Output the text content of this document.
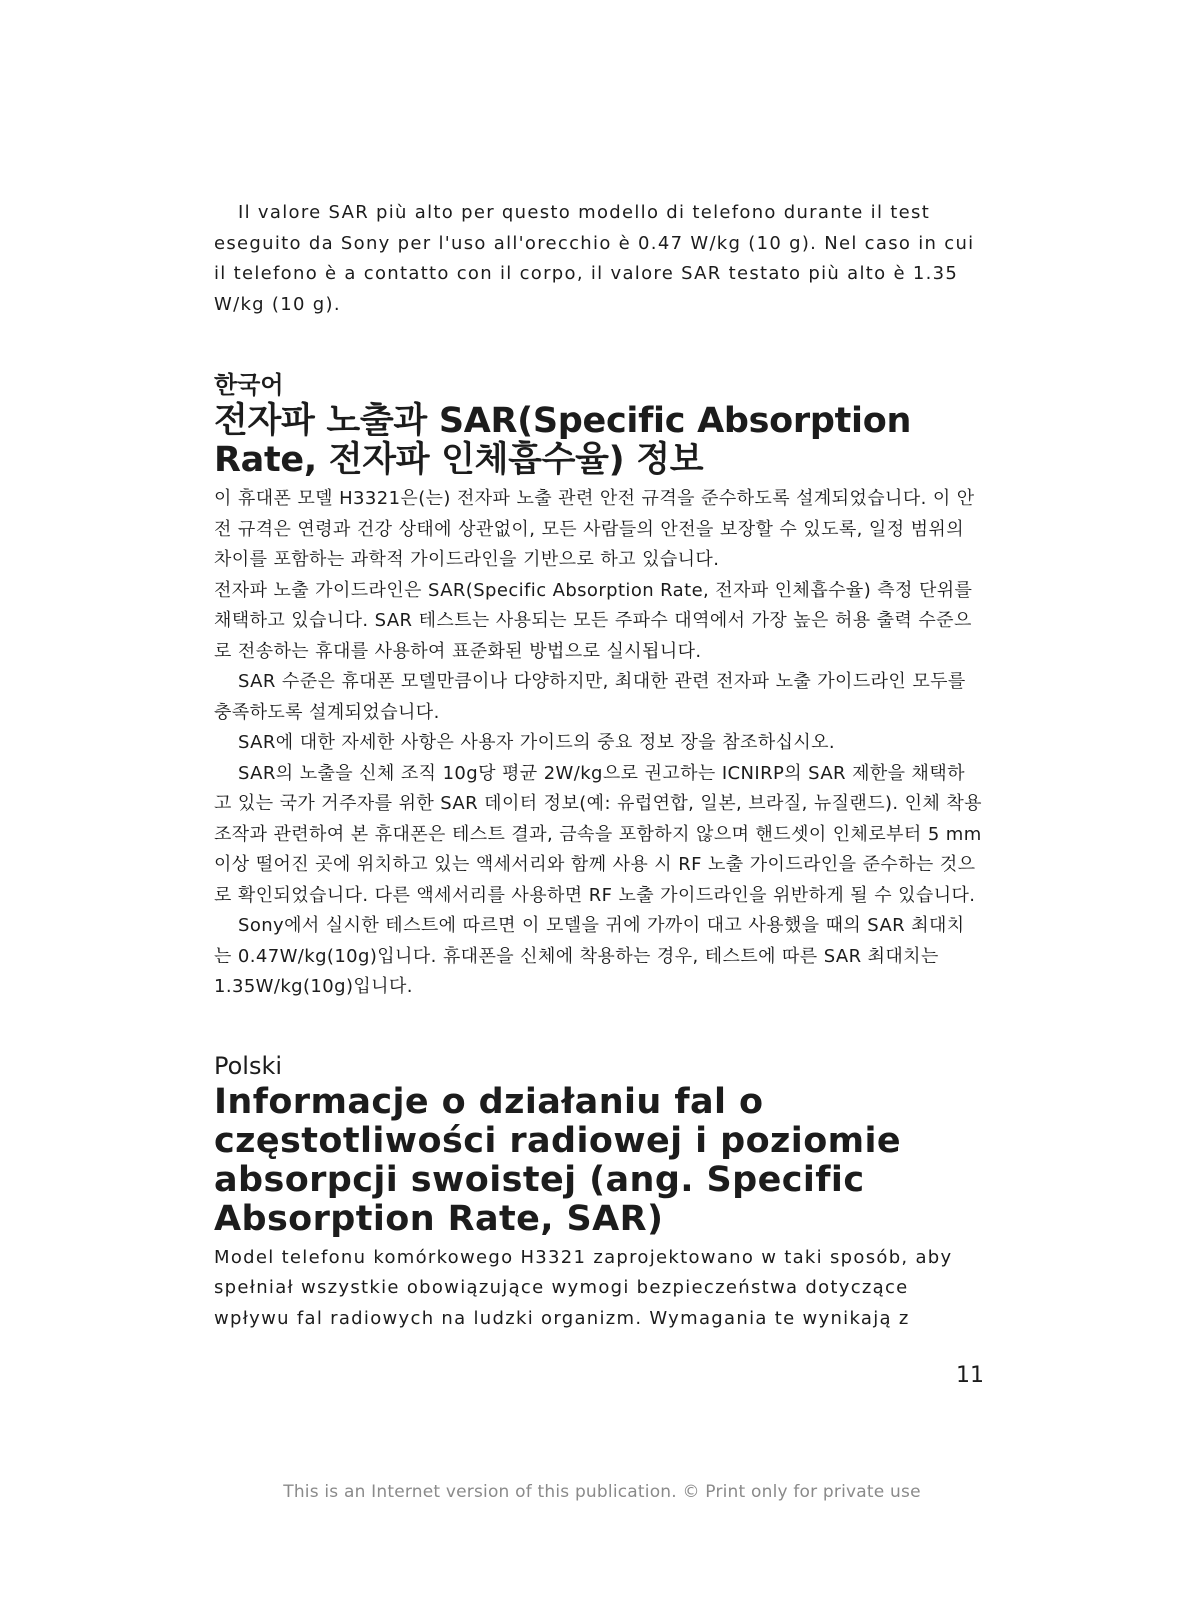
Il valore SAR più alto per questo modello di telefono durante il test eseguito da Sony per l'uso all'orecchio è 0.47 W/kg (10 g). Nel caso in cui il telefono è a contatto con il corpo, il valore SAR testato più alto è 1.35 W/kg (10 g).

한국어
전자파 노출과 SAR(Specific Absorption Rate, 전자파 인체흡수율) 정보

이 휴대폰 모델 H3321은(는) 전자파 노출 관련 안전 규격을 준수하도록 설계되었습니다. 이 안전 규격은 연령과 건강 상태에 상관없이, 모든 사람들의 안전을 보장할 수 있도록, 일정 범위의 차이를 포함하는 과학적 가이드라인을 기반으로 하고 있습니다.

전자파 노출 가이드라인은 SAR(Specific Absorption Rate, 전자파 인체흡수율) 측정 단위를 채택하고 있습니다. SAR 테스트는 사용되는 모든 주파수 대역에서 가장 높은 허용 출력 수준으로 전송하는 휴대를 사용하여 표준화된 방법으로 실시됩니다.

SAR 수준은 휴대폰 모델만큼이나 다양하지만, 최대한 관련 전자파 노출 가이드라인 모두를 충족하도록 설계되었습니다.

SAR에 대한 자세한 사항은 사용자 가이드의 중요 정보 장을 참조하십시오.

SAR의 노출을 신체 조직 10g당 평균 2W/kg으로 권고하는 ICNIRP의 SAR 제한을 채택하고 있는 국가 거주자를 위한 SAR 데이터 정보(예: 유럽연합, 일본, 브라질, 뉴질랜드). 인체 착용 조작과 관련하여 본 휴대폰은 테스트 결과, 금속을 포함하지 않으며 핸드셋이 인체로부터 5 mm 이상 떨어진 곳에 위치하고 있는 액세서리와 함께 사용 시 RF 노출 가이드라인을 준수하는 것으로 확인되었습니다. 다른 액세서리를 사용하면 RF 노출 가이드라인을 위반하게 될 수 있습니다.

Sony에서 실시한 테스트에 따르면 이 모델을 귀에 가까이 대고 사용했을 때의 SAR 최대치는 0.47W/kg(10g)입니다. 휴대폰을 신체에 착용하는 경우, 테스트에 따른 SAR 최대치는 1.35W/kg(10g)입니다.

Polski
Informacje o działaniu fal o częstotliwości radiowej i poziomie absorpcji swoistej (ang. Specific Absorption Rate, SAR)

Model telefonu komórkowego H3321 zaprojektowano w taki sposób, aby spełniał wszystkie obowiązujące wymogi bezpieczeństwa dotyczące wpływu fal radiowych na ludzki organizm. Wymagania te wynikają z

11
This is an Internet version of this publication. © Print only for private use
